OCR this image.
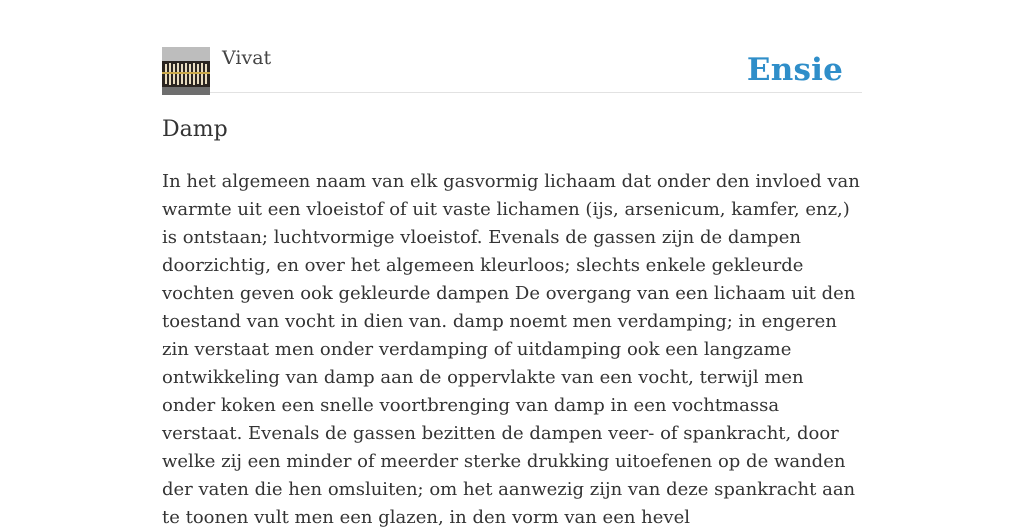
Vivat	Ensie
Damp

In het algemeen naam van elk gasvormig lichaam dat onder den invloed van warmte uit een vloeistof of uit vaste lichamen (ijs, arsenicum, kamfer, enz,) is ontstaan; luchtvormige vloeistof. Evenals de gassen zijn de dampen doorzichtig, en over het algemeen kleurloos; slechts enkele gekleurde vochten geven ook gekleurde dampen De overgang van een lichaam uit den toestand van vocht in dien van. damp noemt men verdamping; in engeren zin verstaat men onder verdamping of uitdamping ook een langzame ontwikkeling van damp aan de oppervlakte van een vocht, terwijl men onder koken een snelle voortbrenging van damp in een vochtmassa verstaat. Evenals de gassen bezitten de dampen veer- of spankracht, door welke zij een minder of meerder sterke drukking uitoefenen op de wanden der vaten die hen omsluiten; om het aanwezig zijn van deze spankracht aan te toonen vult men een glazen, in den vorm van een hevel
